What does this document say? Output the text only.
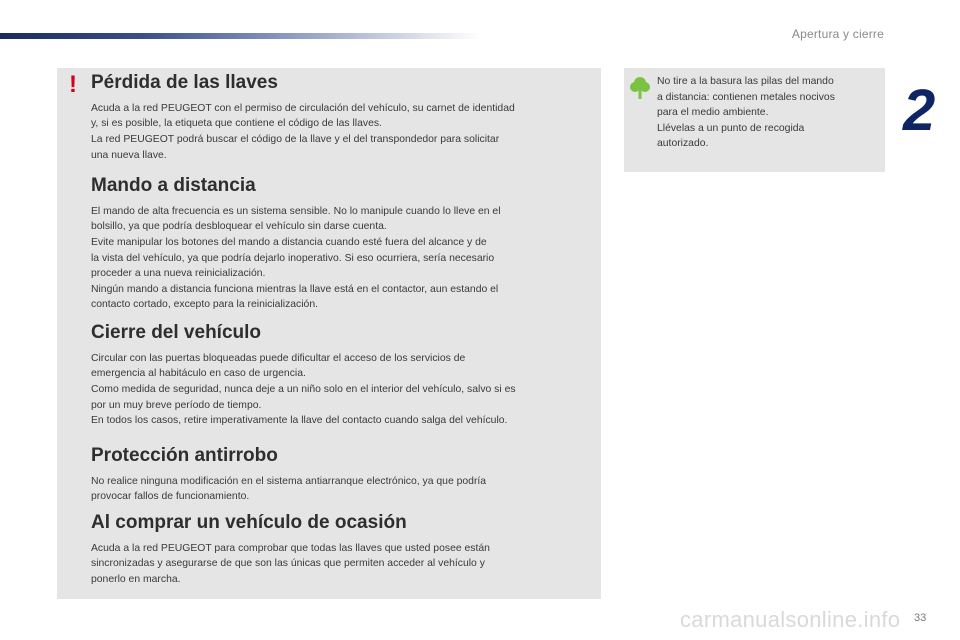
Apertura y cierre
2
! Pérdida de las llaves

Acuda a la red PEUGEOT con el permiso de circulación del vehículo, su carnet de identidad
y, si es posible, la etiqueta que contiene el código de las llaves.
La red PEUGEOT podrá buscar el código de la llave y el del transpondedor para solicitar
una nueva llave.

Mando a distancia

El mando de alta frecuencia es un sistema sensible. No lo manipule cuando lo lleve en el
bolsillo, ya que podría desbloquear el vehículo sin darse cuenta.
Evite manipular los botones del mando a distancia cuando esté fuera del alcance y de
la vista del vehículo, ya que podría dejarlo inoperativo. Si eso ocurriera, sería necesario
proceder a una nueva reinicialización.
Ningún mando a distancia funciona mientras la llave está en el contactor, aun estando el
contacto cortado, excepto para la reinicialización.

Cierre del vehículo

Circular con las puertas bloqueadas puede dificultar el acceso de los servicios de
emergencia al habitáculo en caso de urgencia.
Como medida de seguridad, nunca deje a un niño solo en el interior del vehículo, salvo si es
por un muy breve período de tiempo.
En todos los casos, retire imperativamente la llave del contacto cuando salga del vehículo.

Protección antirrobo

No realice ninguna modificación en el sistema antiarranque electrónico, ya que podría
provocar fallos de funcionamiento.

Al comprar un vehículo de ocasión

Acuda a la red PEUGEOT para comprobar que todas las llaves que usted posee están
sincronizadas y asegurarse de que son las únicas que permiten acceder al vehículo y
ponerlo en marcha.

No tire a la basura las pilas del mando
a distancia: contienen metales nocivos
para el medio ambiente.
Llévelas a un punto de recogida
autorizado.
carmanualsonline.info 33
